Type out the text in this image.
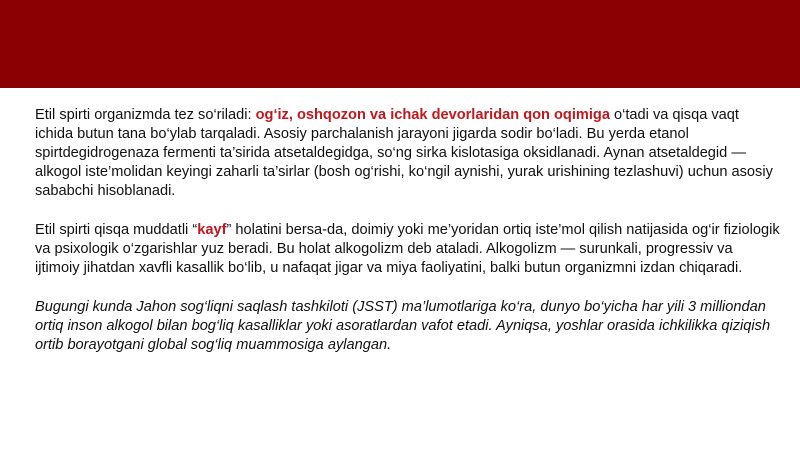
Etil spirti organizmda tez so‘riladi: og‘iz, oshqozon va ichak devorlaridan qon oqimiga o‘tadi va qisqa vaqt ichida butun tana bo‘ylab tarqaladi. Asosiy parchalanish jarayoni jigarda sodir bo‘ladi. Bu yerda etanol spirtdegidrogenaza fermenti ta’sirida atsetaldegidga, so‘ng sirka kislotasiga oksidlanadi. Aynan atsetaldegid — alkogol iste’molidan keyingi zaharli ta’sirlar (bosh og‘rishi, ko‘ngil aynishi, yurak urishining tezlashuvi) uchun asosiy sababchi hisoblanadi.

Etil spirti qisqa muddatli “kayf” holatini bersa-da, doimiy yoki me’yoridan ortiq iste’mol qilish natijasida og‘ir fiziologik va psixologik o‘zgarishlar yuz beradi. Bu holat alkogolizm deb ataladi. Alkogolizm — surunkali, progressiv va ijtimoiy jihatdan xavfli kasallik bo‘lib, u nafaqat jigar va miya faoliyatini, balki butun organizmni izdan chiqaradi.

Bugungi kunda Jahon sog‘liqni saqlash tashkiloti (JSST) ma’lumotlariga ko‘ra, dunyo bo‘yicha har yili 3 milliondan ortiq inson alkogol bilan bog‘liq kasalliklar yoki asoratlardan vafot etadi. Ayniqsa, yoshlar orasida ichkilikka qiziqish ortib borayotgani global sog‘liq muammosiga aylangan.
